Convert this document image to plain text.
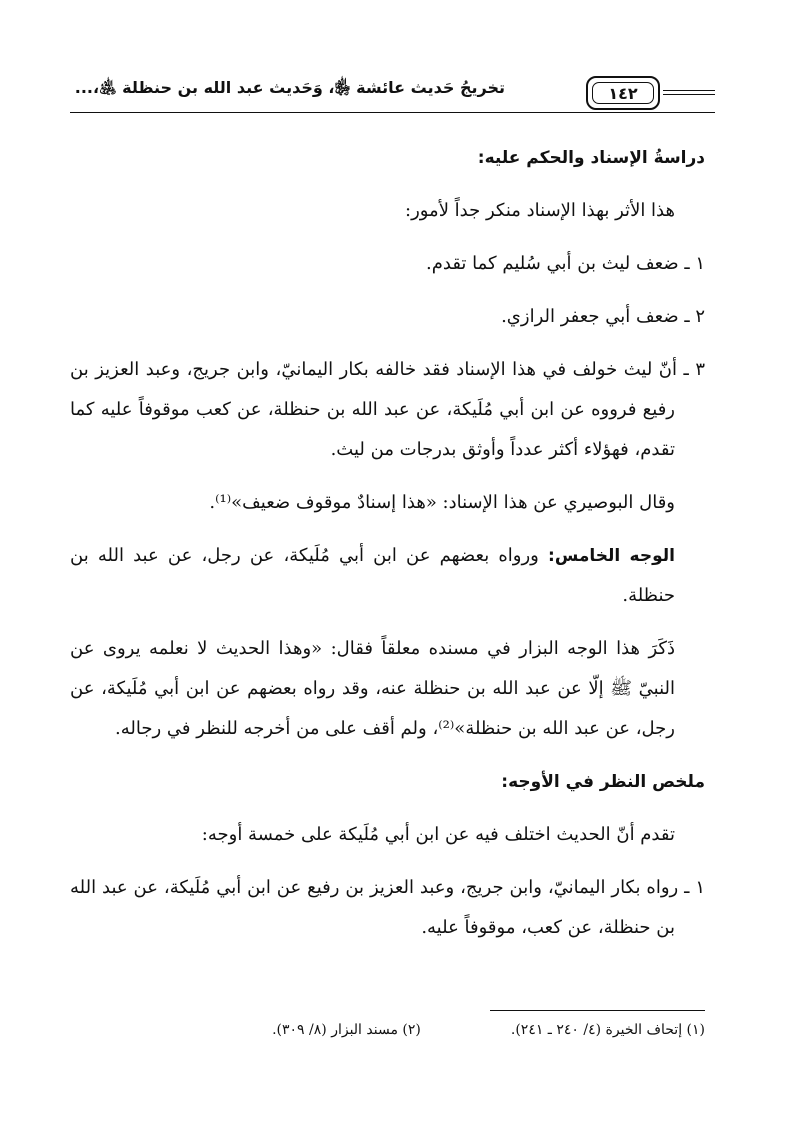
تخريجُ حَديث عائشة ﵂، وَحَديث عبد الله بن حنظلة ﵁،...	١٤٢

دراسةُ الإسناد والحكم عليه:

هذا الأثر بهذا الإسناد منكر جداً لأمور:

١ ـ ضعف ليث بن أبي سُليم كما تقدم.

٢ ـ ضعف أبي جعفر الرازي.

٣ ـ أنّ ليث خولف في هذا الإسناد فقد خالفه بكار اليمانيّ، وابن جريج، وعبد العزيز بن رفيع فرووه عن ابن أبي مُلَيكة، عن عبد الله بن حنظلة، عن كعب موقوفاً عليه كما تقدم، فهؤلاء أكثر عدداً وأوثق بدرجات من ليث.

وقال البوصيري عن هذا الإسناد: «هذا إسنادٌ موقوف ضعيف»⁽¹⁾.

الوجه الخامس: ورواه بعضهم عن ابن أبي مُلَيكة، عن رجل، عن عبد الله بن حنظلة.

ذَكَرَ هذا الوجه البزار في مسنده معلقاً فقال: «وهذا الحديث لا نعلمه يروى عن النبيّ ﷺ إلّا عن عبد الله بن حنظلة عنه، وقد رواه بعضهم عن ابن أبي مُلَيكة، عن رجل، عن عبد الله بن حنظلة»⁽²⁾، ولم أقف على من أخرجه للنظر في رجاله.

ملخص النظر في الأوجه:

تقدم أنّ الحديث اختلف فيه عن ابن أبي مُلَيكة على خمسة أوجه:

١ ـ رواه بكار اليمانيّ، وابن جريج، وعبد العزيز بن رفيع عن ابن أبي مُلَيكة، عن عبد الله بن حنظلة، عن كعب، موقوفاً عليه.

(١) إتحاف الخيرة (٤/ ٢٤٠ ـ ٢٤١).
(٢) مسند البزار (٨/ ٣٠٩).
